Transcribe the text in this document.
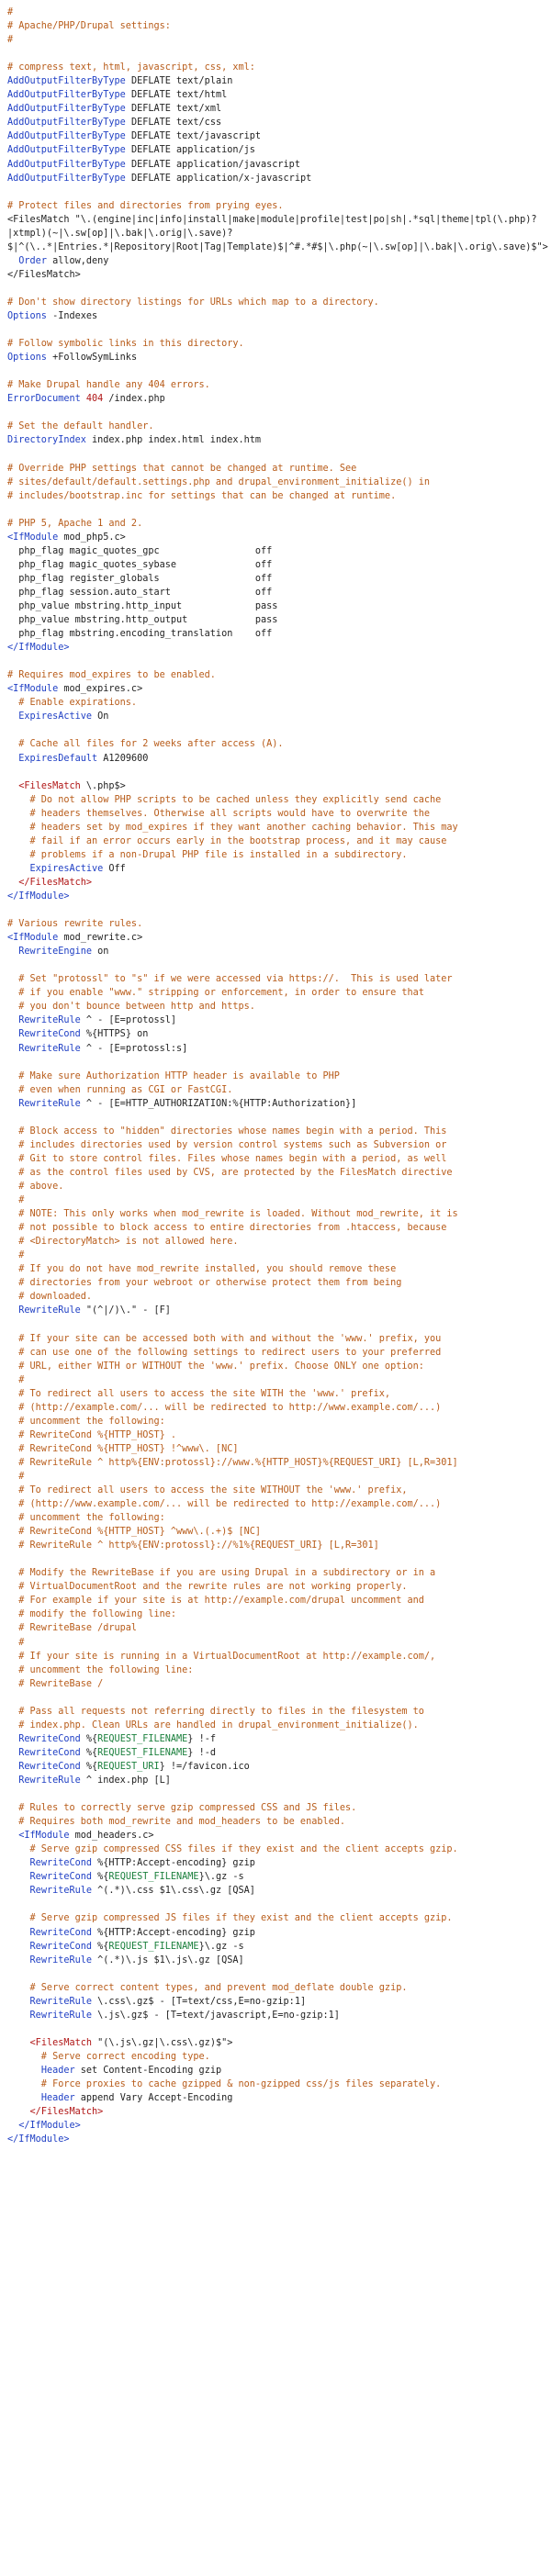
#
# Apache/PHP/Drupal settings:
#

# compress text, html, javascript, css, xml:
AddOutputFilterByType DEFLATE text/plain
AddOutputFilterByType DEFLATE text/html
AddOutputFilterByType DEFLATE text/xml
AddOutputFilterByType DEFLATE text/css
AddOutputFilterByType DEFLATE text/javascript
AddOutputFilterByType DEFLATE application/js
AddOutputFilterByType DEFLATE application/javascript
AddOutputFilterByType DEFLATE application/x-javascript

# Protect files and directories from prying eyes.
<FilesMatch "\.(engine|inc|info|install|make|module|profile|test|po|sh|.*sql|theme|tpl(\.php)?
|xtmpl)(~|\.sw[op]|\.bak|\.orig|\.save)?
$|^(\..*|Entries.*|Repository|Root|Tag|Template)$|^#.*#$|\.php(~|\.sw[op]|\.bak|\.orig\.save)$">
Order allow,deny
</FilesMatch>

# Don't show directory listings for URLs which map to a directory.
Options -Indexes

# Follow symbolic links in this directory.
Options +FollowSymLinks

# Make Drupal handle any 404 errors.
ErrorDocument 404 /index.php

# Set the default handler.
DirectoryIndex index.php index.html index.htm

# Override PHP settings that cannot be changed at runtime. See
# sites/default/default.settings.php and drupal_environment_initialize() in
# includes/bootstrap.inc for settings that can be changed at runtime.

# PHP 5, Apache 1 and 2.
<IfModule mod_php5.c>
php_flag magic_quotes_gpc                 off
php_flag magic_quotes_sybase              off
php_flag register_globals                 off
php_flag session.auto_start               off
php_value mbstring.http_input             pass
php_value mbstring.http_output            pass
php_flag mbstring.encoding_translation    off
</IfModule>

# Requires mod_expires to be enabled.
<IfModule mod_expires.c>
# Enable expirations.
ExpiresActive On

# Cache all files for 2 weeks after access (A).
ExpiresDefault A1209600

<FilesMatch \.php$>
# Do not allow PHP scripts to be cached unless they explicitly send cache
# headers themselves. Otherwise all scripts would have to overwrite the
# headers set by mod_expires if they want another caching behavior. This may
# fail if an error occurs early in the bootstrap process, and it may cause
# problems if a non-Drupal PHP file is installed in a subdirectory.
ExpiresActive Off
</FilesMatch>
</IfModule>

# Various rewrite rules.
<IfModule mod_rewrite.c>
RewriteEngine on

# Set "protossl" to "s" if we were accessed via https://.  This is used later
# if you enable "www." stripping or enforcement, in order to ensure that
# you don't bounce between http and https.
RewriteRule ^ - [E=protossl]
RewriteCond %{HTTPS} on
RewriteRule ^ - [E=protossl:s]

# Make sure Authorization HTTP header is available to PHP
# even when running as CGI or FastCGI.
RewriteRule ^ - [E=HTTP_AUTHORIZATION:%{HTTP:Authorization}]

# Block access to "hidden" directories whose names begin with a period. This
# includes directories used by version control systems such as Subversion or
# Git to store control files. Files whose names begin with a period, as well
# as the control files used by CVS, are protected by the FilesMatch directive
# above.
#
# NOTE: This only works when mod_rewrite is loaded. Without mod_rewrite, it is
# not possible to block access to entire directories from .htaccess, because
# <DirectoryMatch> is not allowed here.
#
# If you do not have mod_rewrite installed, you should remove these
# directories from your webroot or otherwise protect them from being
# downloaded.
RewriteRule "(^|/)\." - [F]

# If your site can be accessed both with and without the 'www.' prefix, you
# can use one of the following settings to redirect users to your preferred
# URL, either WITH or WITHOUT the 'www.' prefix. Choose ONLY one option:
#
# To redirect all users to access the site WITH the 'www.' prefix,
# (http://example.com/... will be redirected to http://www.example.com/...)
# uncomment the following:
# RewriteCond %{HTTP_HOST} .
# RewriteCond %{HTTP_HOST} !^www\. [NC]
# RewriteRule ^ http%{ENV:protossl}://www.%{HTTP_HOST}%{REQUEST_URI} [L,R=301]
#
# To redirect all users to access the site WITHOUT the 'www.' prefix,
# (http://www.example.com/... will be redirected to http://example.com/...)
# uncomment the following:
# RewriteCond %{HTTP_HOST} ^www\.(.+)$ [NC]
# RewriteRule ^ http%{ENV:protossl}://%1%{REQUEST_URI} [L,R=301]

# Modify the RewriteBase if you are using Drupal in a subdirectory or in a
# VirtualDocumentRoot and the rewrite rules are not working properly.
# For example if your site is at http://example.com/drupal uncomment and
# modify the following line:
# RewriteBase /drupal
#
# If your site is running in a VirtualDocumentRoot at http://example.com/,
# uncomment the following line:
# RewriteBase /

# Pass all requests not referring directly to files in the filesystem to
# index.php. Clean URLs are handled in drupal_environment_initialize().
RewriteCond %{REQUEST_FILENAME} !-f
RewriteCond %{REQUEST_FILENAME} !-d
RewriteCond %{REQUEST_URI} !=/favicon.ico
RewriteRule ^ index.php [L]

# Rules to correctly serve gzip compressed CSS and JS files.
# Requires both mod_rewrite and mod_headers to be enabled.
<IfModule mod_headers.c>
# Serve gzip compressed CSS files if they exist and the client accepts gzip.
RewriteCond %{HTTP:Accept-encoding} gzip
RewriteCond %{REQUEST_FILENAME}\.gz -s
RewriteRule ^(.*)\.css $1\.css\.gz [QSA]

# Serve gzip compressed JS files if they exist and the client accepts gzip.
RewriteCond %{HTTP:Accept-encoding} gzip
RewriteCond %{REQUEST_FILENAME}\.gz -s
RewriteRule ^(.*)\.js $1\.js\.gz [QSA]

# Serve correct content types, and prevent mod_deflate double gzip.
RewriteRule \.css\.gz$ - [T=text/css,E=no-gzip:1]
RewriteRule \.js\.gz$ - [T=text/javascript,E=no-gzip:1]

<FilesMatch "(\.js\.gz|\.css\.gz)$">
# Serve correct encoding type.
Header set Content-Encoding gzip
# Force proxies to cache gzipped & non-gzipped css/js files separately.
Header append Vary Accept-Encoding
</FilesMatch>
</IfModule>
</IfModule>
